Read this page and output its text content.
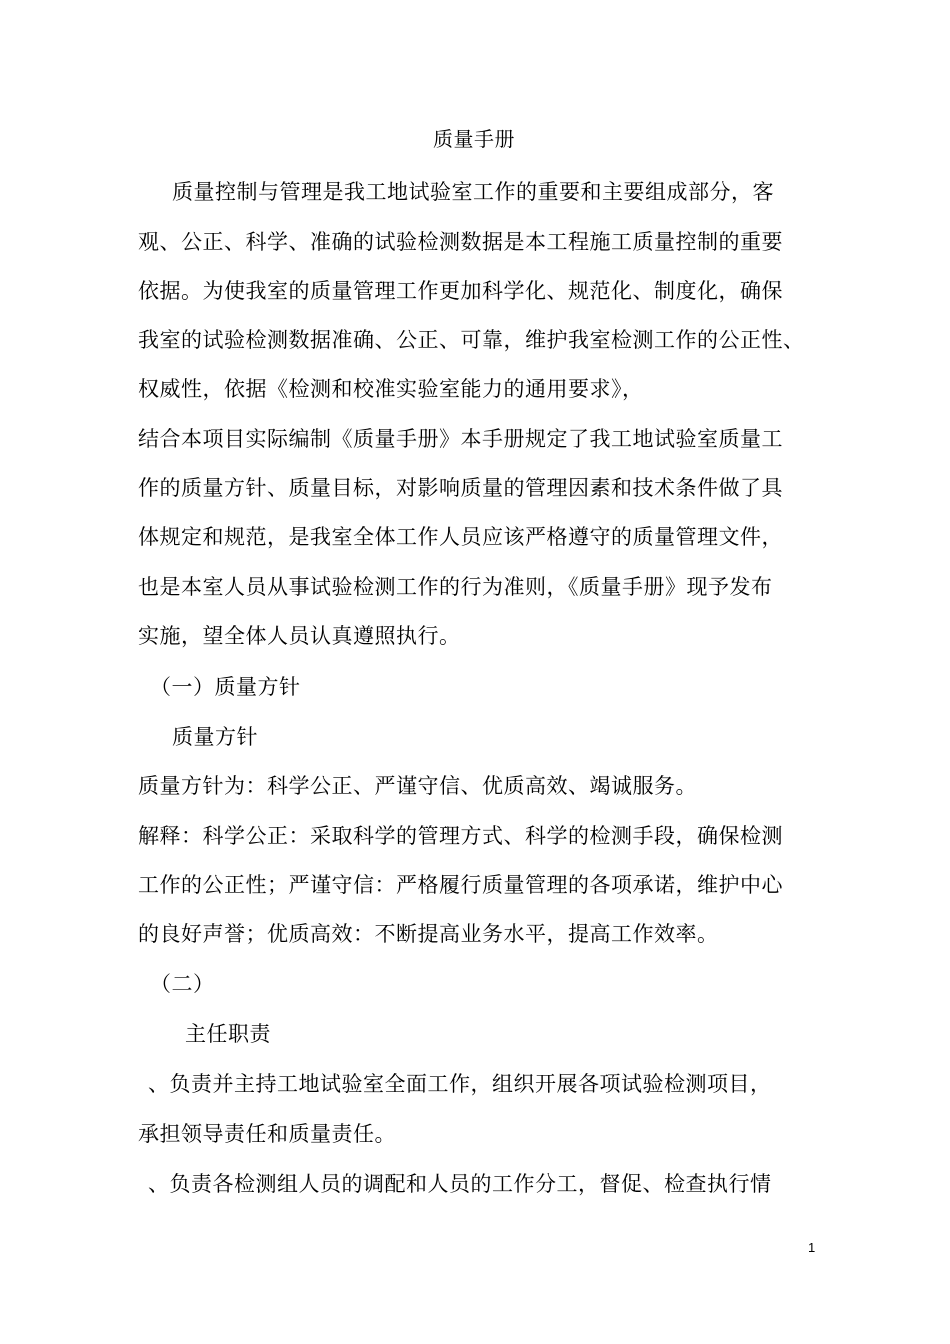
质量手册
质量控制与管理是我工地试验室工作的重要和主要组成部分，客
观、公正、科学、准确的试验检测数据是本工程施工质量控制的重要
依据。为使我室的质量管理工作更加科学化、规范化、制度化，确保
我室的试验检测数据准确、公正、可靠，维护我室检测工作的公正性、
权威性，依据《检测和校准实验室能力的通用要求》，
结合本项目实际编制《质量手册》本手册规定了我工地试验室质量工
作的质量方针、质量目标，对影响质量的管理因素和技术条件做了具
体规定和规范，是我室全体工作人员应该严格遵守的质量管理文件，
也是本室人员从事试验检测工作的行为准则，《质量手册》现予发布
实施，望全体人员认真遵照执行。
（一）质量方针
质量方针
质量方针为：科学公正、严谨守信、优质高效、竭诚服务。
解释：科学公正：采取科学的管理方式、科学的检测手段，确保检测
工作的公正性；严谨守信：严格履行质量管理的各项承诺，维护中心
的良好声誉；优质高效：不断提高业务水平，提高工作效率。
（二）
主任职责
、负责并主持工地试验室全面工作，组织开展各项试验检测项目，
承担领导责任和质量责任。
、负责各检测组人员的调配和人员的工作分工，督促、检查执行情
1
